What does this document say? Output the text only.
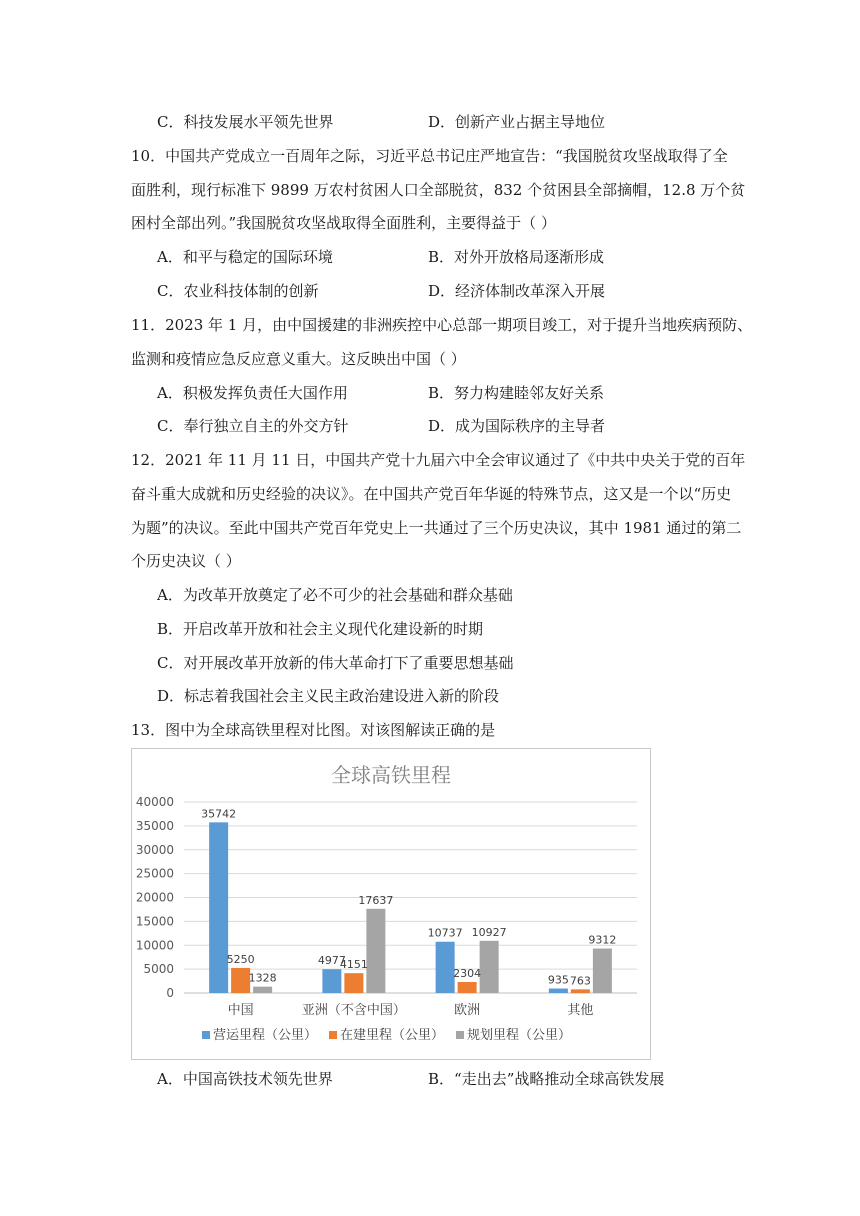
C．科技发展水平领先世界	D．创新产业占据主导地位
10．中国共产党成立一百周年之际，习近平总书记庄严地宣告：“我国脱贫攻坚战取得了全
面胜利，现行标准下 9899 万农村贫困人口全部脱贫，832 个贫困县全部摘帽，12.8 万个贫
困村全部出列。”我国脱贫攻坚战取得全面胜利，主要得益于（ ）
A．和平与稳定的国际环境	B．对外开放格局逐渐形成
C．农业科技体制的创新	D．经济体制改革深入开展
11．2023 年 1 月，由中国援建的非洲疾控中心总部一期项目竣工，对于提升当地疾病预防、
监测和疫情应急反应意义重大。这反映出中国（ ）
A．积极发挥负责任大国作用	B．努力构建睦邻友好关系
C．奉行独立自主的外交方针	D．成为国际秩序的主导者
12．2021 年 11 月 11 日，中国共产党十九届六中全会审议通过了《中共中央关于党的百年
奋斗重大成就和历史经验的决议》。在中国共产党百年华诞的特殊节点，这又是一个以“历史
为题”的决议。至此中国共产党百年党史上一共通过了三个历史决议，其中 1981 通过的第二
个历史决议（ ）
A．为改革开放奠定了必不可少的社会基础和群众基础
B．开启改革开放和社会主义现代化建设新的时期
C．对开展改革开放新的伟大革命打下了重要思想基础
D．标志着我国社会主义民主政治建设进入新的阶段
13．图中为全球高铁里程对比图。对该图解读正确的是
全球高铁里程
0
5000
10000
15000
20000
25000
30000
35000
40000
35742
5250
1328
中国
4977
4151
17637
亚洲（不含中国）
10737
2304
10927
欧洲
935 763
9312
其他
营运里程（公里） 在建里程（公里） 规划里程（公里）
A．中国高铁技术领先世界	B．“走出去”战略推动全球高铁发展
